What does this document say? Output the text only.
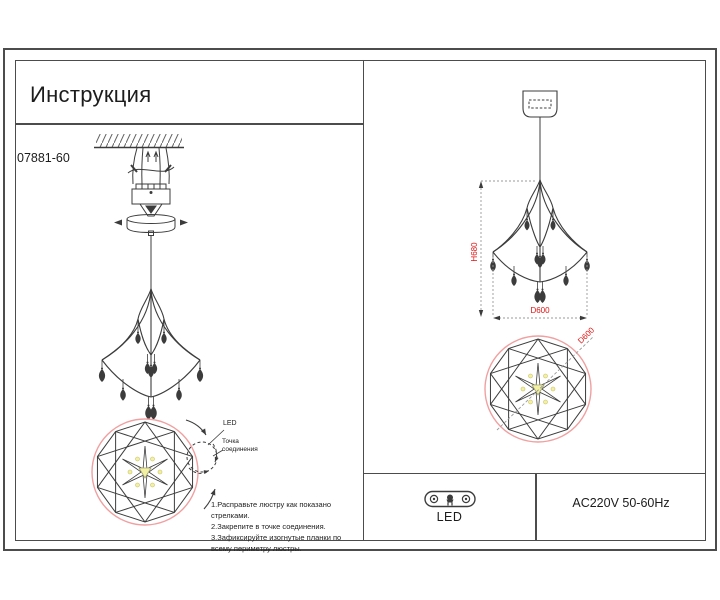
Инструкция
07881-60
H680
D600
D600
LED
Точка соединения
1.Расправьте люстру как показано стрелками.
2.Закрепите в точке соединения.
3.Зафиксируйте изогнутые планки по всему периметру люстры.
LED
AC220V 50-60Hz
